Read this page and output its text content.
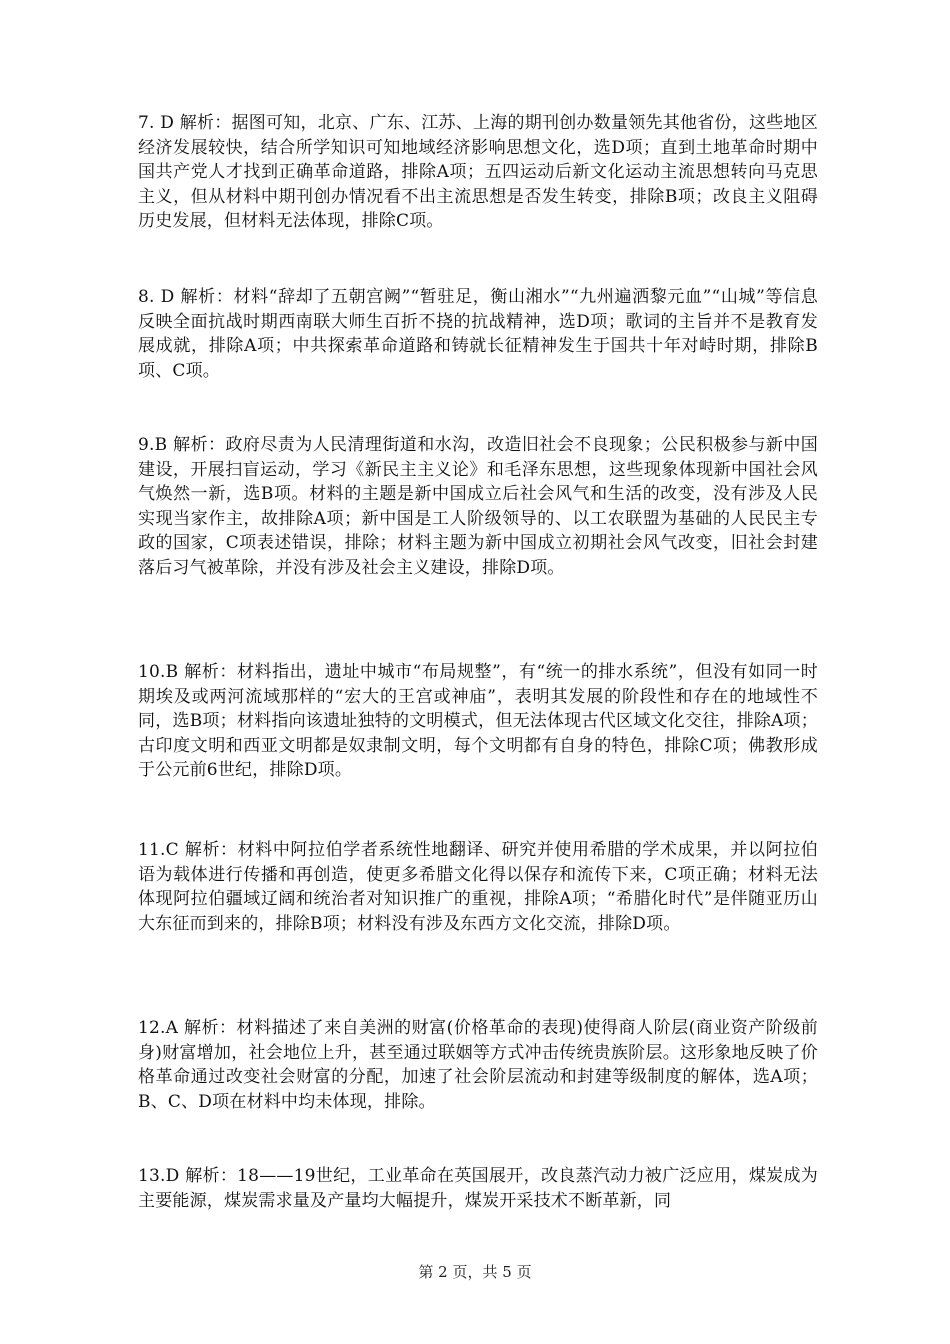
7. D 解析：据图可知，北京、广东、江苏、上海的期刊创办数量领先其他省份，这些地区经济发展较快，结合所学知识可知地域经济影响思想文化，选D项；直到土地革命时期中国共产党人才找到正确革命道路，排除A项；五四运动后新文化运动主流思想转向马克思主义，但从材料中期刊创办情况看不出主流思想是否发生转变，排除B项；改良主义阻碍历史发展，但材料无法体现，排除C项。

8. D 解析：材料“辞却了五朝宫阙”“暂驻足，衡山湘水”“九州遍洒黎元血”“山城”等信息反映全面抗战时期西南联大师生百折不挠的抗战精神，选D项；歌词的主旨并不是教育发展成就，排除A项；中共探索革命道路和铸就长征精神发生于国共十年对峙时期，排除B项、C项。

9.B 解析：政府尽责为人民清理街道和水沟，改造旧社会不良现象；公民积极参与新中国建设，开展扫盲运动，学习《新民主主义论》和毛泽东思想，这些现象体现新中国社会风气焕然一新，选B项。材料的主题是新中国成立后社会风气和生活的改变，没有涉及人民实现当家作主，故排除A项；新中国是工人阶级领导的、以工农联盟为基础的人民民主专政的国家，C项表述错误，排除；材料主题为新中国成立初期社会风气改变，旧社会封建落后习气被革除，并没有涉及社会主义建设，排除D项。

10.B 解析：材料指出，遗址中城市“布局规整”，有“统一的排水系统”，但没有如同一时期埃及或两河流域那样的“宏大的王宫或神庙”，表明其发展的阶段性和存在的地域性不同，选B项；材料指向该遗址独特的文明模式，但无法体现古代区域文化交往，排除A项；古印度文明和西亚文明都是奴隶制文明，每个文明都有自身的特色，排除C项；佛教形成于公元前6世纪，排除D项。

11.C 解析：材料中阿拉伯学者系统性地翻译、研究并使用希腊的学术成果，并以阿拉伯语为载体进行传播和再创造，使更多希腊文化得以保存和流传下来，C项正确；材料无法体现阿拉伯疆域辽阔和统治者对知识推广的重视，排除A项；“希腊化时代”是伴随亚历山大东征而到来的，排除B项；材料没有涉及东西方文化交流，排除D项。

12.A 解析：材料描述了来自美洲的财富(价格革命的表现)使得商人阶层(商业资产阶级前身)财富增加，社会地位上升，甚至通过联姻等方式冲击传统贵族阶层。这形象地反映了价格革命通过改变社会财富的分配，加速了社会阶层流动和封建等级制度的解体，选A项；B、C、D项在材料中均未体现，排除。

13.D 解析：18——19世纪，工业革命在英国展开，改良蒸汽动力被广泛应用，煤炭成为主要能源，煤炭需求量及产量均大幅提升，煤炭开采技术不断革新，同

第 2 页，共 5 页
